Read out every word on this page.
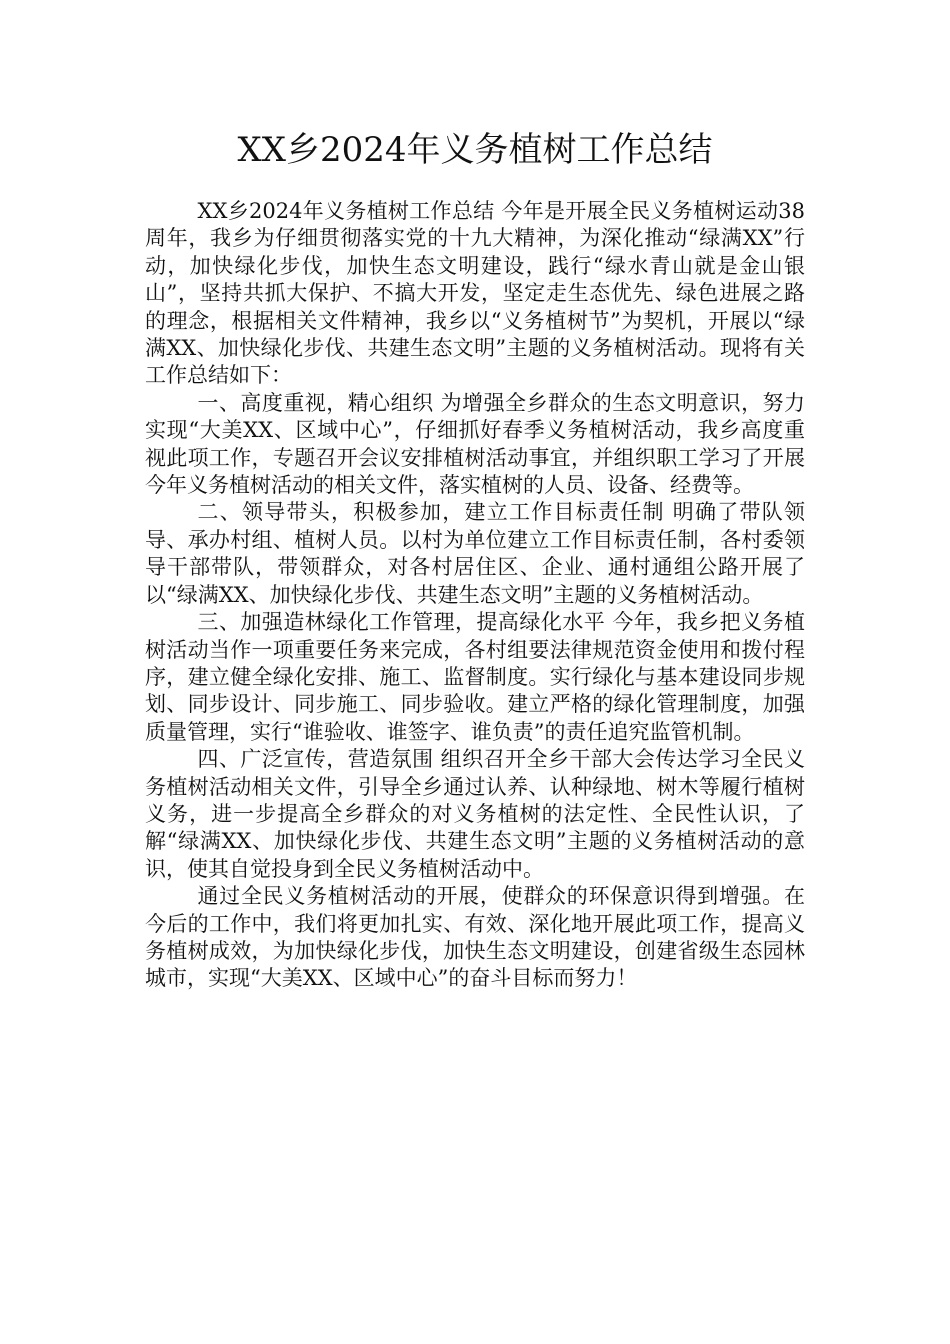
XX乡2024年义务植树工作总结

XX乡2024年义务植树工作总结 今年是开展全民义务植树运动38周年，我乡为仔细贯彻落实党的十九大精神，为深化推动“绿满XX”行动，加快绿化步伐，加快生态文明建设，践行“绿水青山就是金山银山”，坚持共抓大保护、不搞大开发，坚定走生态优先、绿色进展之路的理念，根据相关文件精神，我乡以“义务植树节”为契机，开展以“绿满XX、加快绿化步伐、共建生态文明”主题的义务植树活动。现将有关工作总结如下：

一、高度重视，精心组织 为增强全乡群众的生态文明意识，努力实现“大美XX、区域中心”，仔细抓好春季义务植树活动，我乡高度重视此项工作，专题召开会议安排植树活动事宜，并组织职工学习了开展今年义务植树活动的相关文件，落实植树的人员、设备、经费等。

二、领导带头，积极参加，建立工作目标责任制 明确了带队领导、承办村组、植树人员。以村为单位建立工作目标责任制，各村委领导干部带队，带领群众，对各村居住区、企业、通村通组公路开展了以“绿满XX、加快绿化步伐、共建生态文明”主题的义务植树活动。

三、加强造林绿化工作管理，提高绿化水平 今年，我乡把义务植树活动当作一项重要任务来完成，各村组要法律规范资金使用和拨付程序，建立健全绿化安排、施工、监督制度。实行绿化与基本建设同步规划、同步设计、同步施工、同步验收。建立严格的绿化管理制度，加强质量管理，实行“谁验收、谁签字、谁负责”的责任追究监管机制。

四、广泛宣传，营造氛围 组织召开全乡干部大会传达学习全民义务植树活动相关文件，引导全乡通过认养、认种绿地、树木等履行植树义务，进一步提高全乡群众的对义务植树的法定性、全民性认识，了解“绿满XX、加快绿化步伐、共建生态文明”主题的义务植树活动的意识，使其自觉投身到全民义务植树活动中。

通过全民义务植树活动的开展，使群众的环保意识得到增强。在今后的工作中，我们将更加扎实、有效、深化地开展此项工作，提高义务植树成效，为加快绿化步伐，加快生态文明建设，创建省级生态园林城市，实现“大美XX、区域中心”的奋斗目标而努力！
